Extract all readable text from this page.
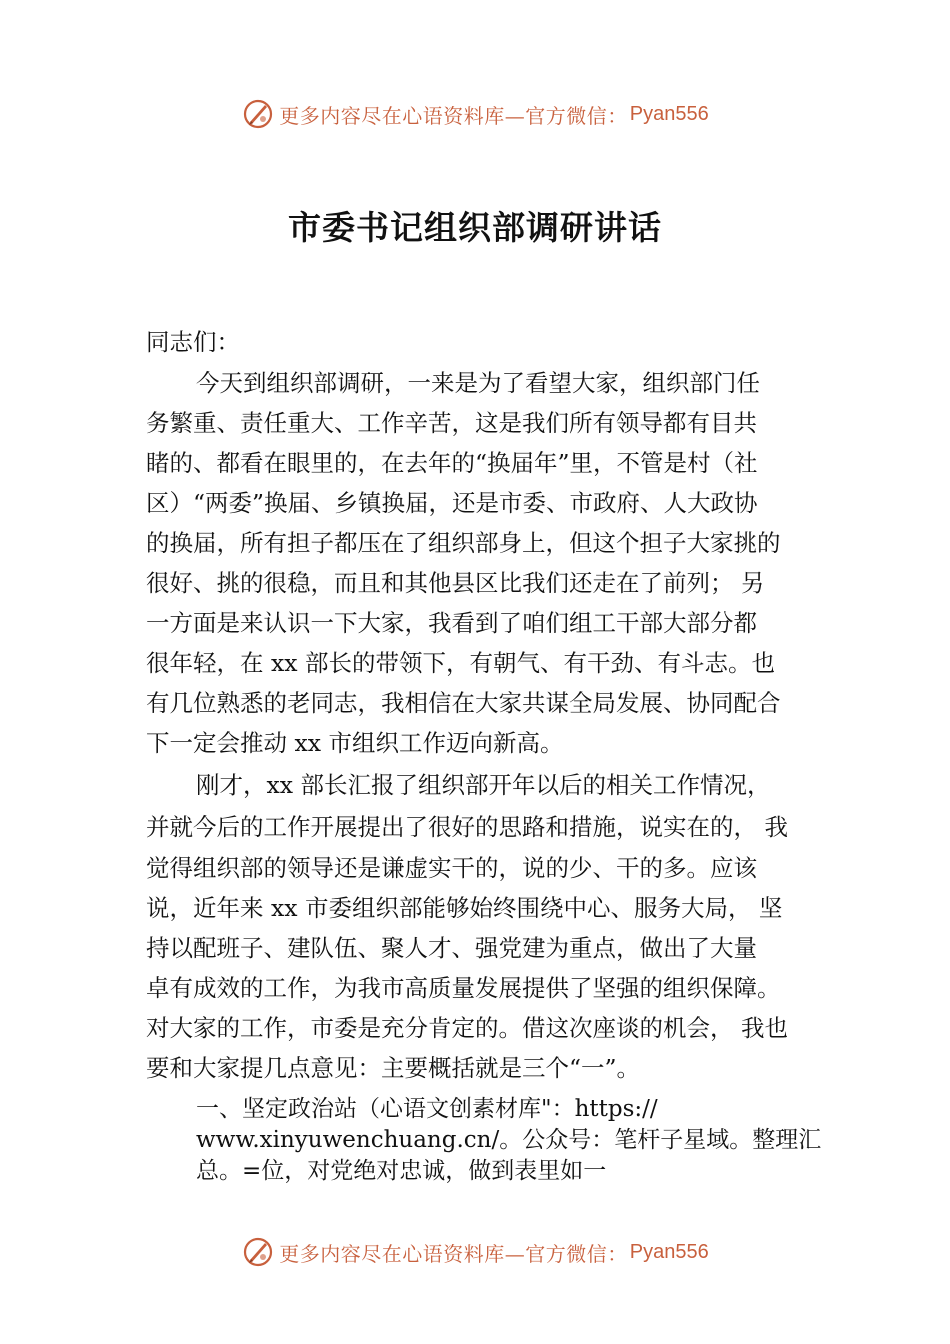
更多内容尽在心语资料库—官方微信： Pyan556
市委书记组织部调研讲话
同志们：
今天到组织部调研，一来是为了看望大家，组织部门任
务繁重、责任重大、工作辛苦，这是我们所有领导都有目共
睹的、都看在眼里的，在去年的“换届年”里，不管是村（社
区）“两委”换届、乡镇换届，还是市委、市政府、人大政协
的换届，所有担子都压在了组织部身上，但这个担子大家挑的
很好、挑的很稳，而且和其他县区比我们还走在了前列； 另
一方面是来认识一下大家，我看到了咱们组工干部大部分都
很年轻，在 xx 部长的带领下，有朝气、有干劲、有斗志。也
有几位熟悉的老同志，我相信在大家共谋全局发展、协同配合
下一定会推动 xx 市组织工作迈向新高。
刚才，xx 部长汇报了组织部开年以后的相关工作情况，
并就今后的工作开展提出了很好的思路和措施，说实在的， 我
觉得组织部的领导还是谦虚实干的，说的少、干的多。应该
说，近年来 xx 市委组织部能够始终围绕中心、服务大局， 坚
持以配班子、建队伍、聚人才、强党建为重点，做出了大量
卓有成效的工作，为我市高质量发展提供了坚强的组织保障。
对大家的工作，市委是充分肯定的。借这次座谈的机会， 我也
要和大家提几点意见：主要概括就是三个“一”。
一、坚定政治站（心语文创素材库"：https://
www.xinyuwenchuang.cn/。公众号：笔杆子星域。整理汇
总。=位，对党绝对忠诚，做到表里如一
更多内容尽在心语资料库—官方微信： Pyan556
